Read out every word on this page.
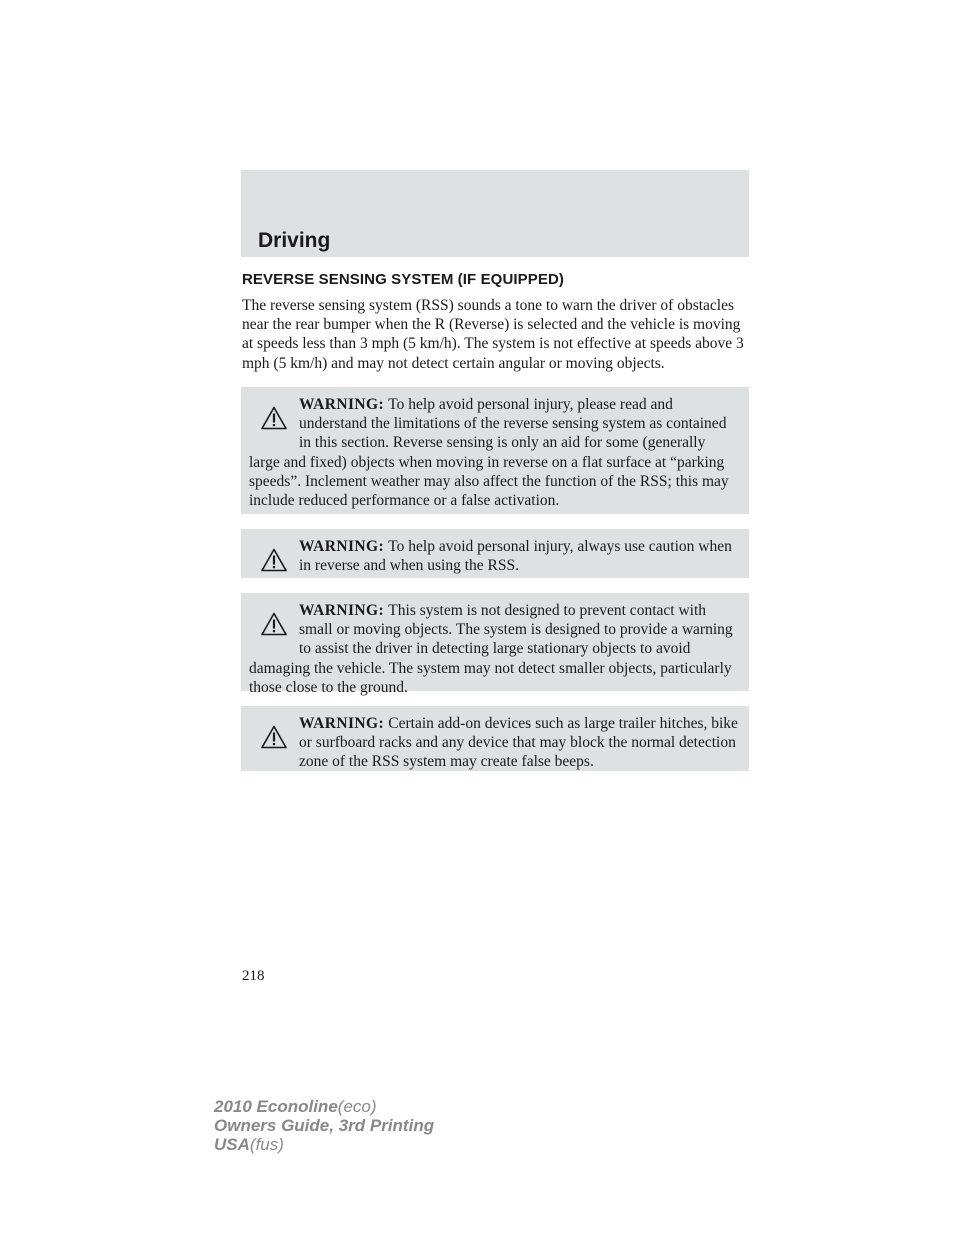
Driving
REVERSE SENSING SYSTEM (IF EQUIPPED)
The reverse sensing system (RSS) sounds a tone to warn the driver of obstacles near the rear bumper when the R (Reverse) is selected and the vehicle is moving at speeds less than 3 mph (5 km/h). The system is not effective at speeds above 3 mph (5 km/h) and may not detect certain angular or moving objects.
WARNING: To help avoid personal injury, please read and understand the limitations of the reverse sensing system as contained in this section. Reverse sensing is only an aid for some (generally large and fixed) objects when moving in reverse on a flat surface at “parking speeds”. Inclement weather may also affect the function of the RSS; this may include reduced performance or a false activation.
WARNING: To help avoid personal injury, always use caution when in reverse and when using the RSS.
WARNING: This system is not designed to prevent contact with small or moving objects. The system is designed to provide a warning to assist the driver in detecting large stationary objects to avoid damaging the vehicle. The system may not detect smaller objects, particularly those close to the ground.
WARNING: Certain add-on devices such as large trailer hitches, bike or surfboard racks and any device that may block the normal detection zone of the RSS system may create false beeps.
218
2010 Econoline(eco)
Owners Guide, 3rd Printing
USA(fus)
